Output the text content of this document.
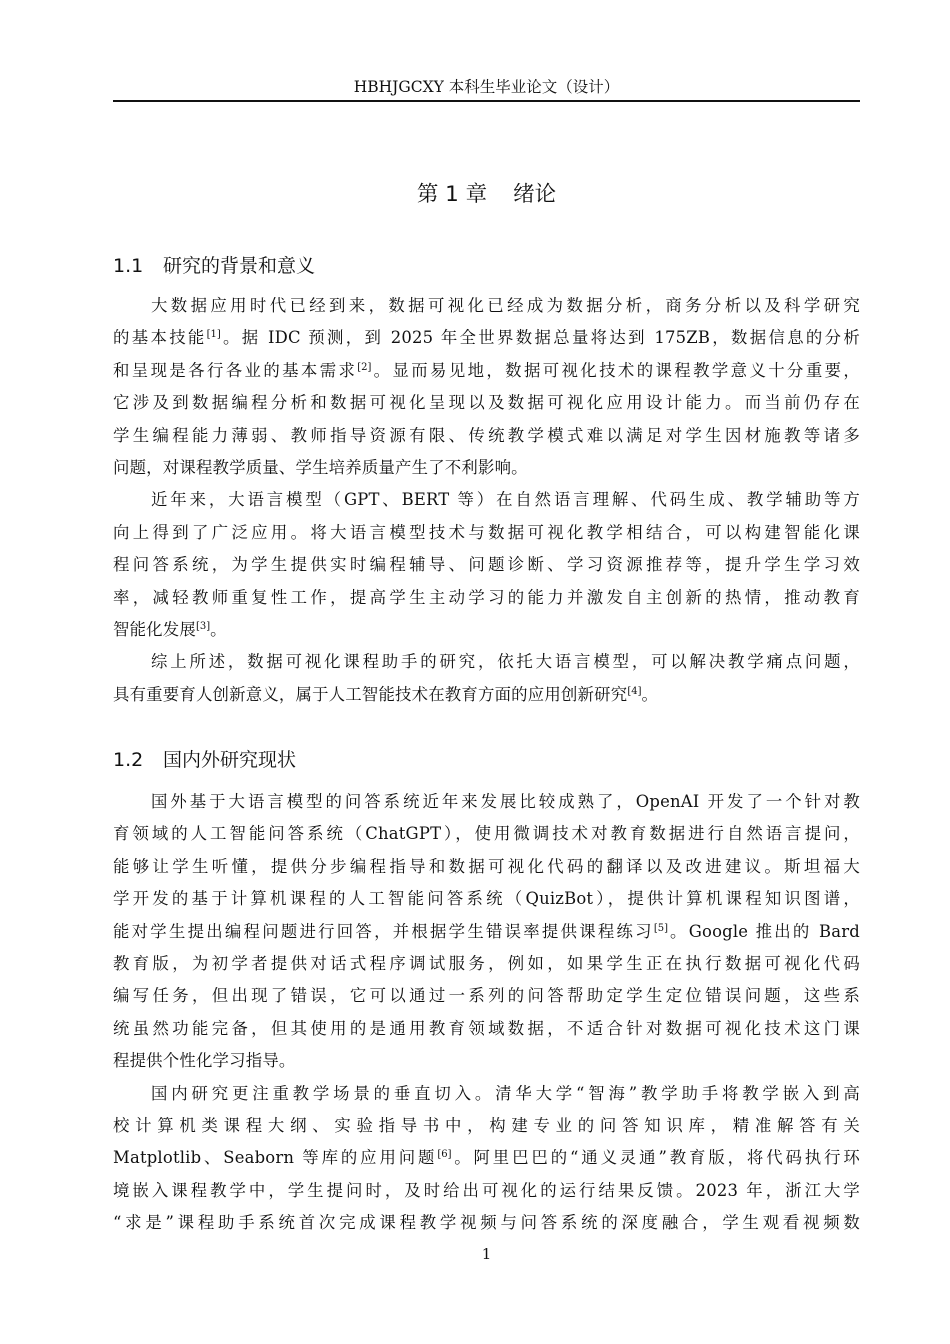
HBHJGCXY 本科生毕业论文（设计）
第 1 章 绪论
1.1 研究的背景和意义
大数据应用时代已经到来，数据可视化已经成为数据分析，商务分析以及科学研究
的基本技能[1]。据 IDC 预测，到 2025 年全世界数据总量将达到 175ZB，数据信息的分析
和呈现是各行各业的基本需求[2]。显而易见地，数据可视化技术的课程教学意义十分重要，
它涉及到数据编程分析和数据可视化呈现以及数据可视化应用设计能力。而当前仍存在
学生编程能力薄弱、教师指导资源有限、传统教学模式难以满足对学生因材施教等诸多
问题，对课程教学质量、学生培养质量产生了不利影响。
近年来，大语言模型（GPT、BERT 等）在自然语言理解、代码生成、教学辅助等方
向上得到了广泛应用。将大语言模型技术与数据可视化教学相结合，可以构建智能化课
程问答系统，为学生提供实时编程辅导、问题诊断、学习资源推荐等，提升学生学习效
率，减轻教师重复性工作，提高学生主动学习的能力并激发自主创新的热情，推动教育
智能化发展[3]。
综上所述，数据可视化课程助手的研究，依托大语言模型，可以解决教学痛点问题，
具有重要育人创新意义，属于人工智能技术在教育方面的应用创新研究[4]。
1.2 国内外研究现状
国外基于大语言模型的问答系统近年来发展比较成熟了，OpenAI 开发了一个针对教
育领域的人工智能问答系统（ChatGPT），使用微调技术对教育数据进行自然语言提问，
能够让学生听懂，提供分步编程指导和数据可视化代码的翻译以及改进建议。斯坦福大
学开发的基于计算机课程的人工智能问答系统（QuizBot），提供计算机课程知识图谱，
能对学生提出编程问题进行回答，并根据学生错误率提供课程练习[5]。Google 推出的 Bard
教育版，为初学者提供对话式程序调试服务，例如，如果学生正在执行数据可视化代码
编写任务，但出现了错误，它可以通过一系列的问答帮助定学生定位错误问题，这些系
统虽然功能完备，但其使用的是通用教育领域数据，不适合针对数据可视化技术这门课
程提供个性化学习指导。
国内研究更注重教学场景的垂直切入。清华大学“智海”教学助手将教学嵌入到高
校计算机类课程大纲、实验指导书中，构建专业的问答知识库，精准解答有关
Matplotlib、Seaborn 等库的应用问题[6]。阿里巴巴的“通义灵通”教育版，将代码执行环
境嵌入课程教学中，学生提问时，及时给出可视化的运行结果反馈。2023 年，浙江大学
“求是”课程助手系统首次完成课程教学视频与问答系统的深度融合，学生观看视频数
1
